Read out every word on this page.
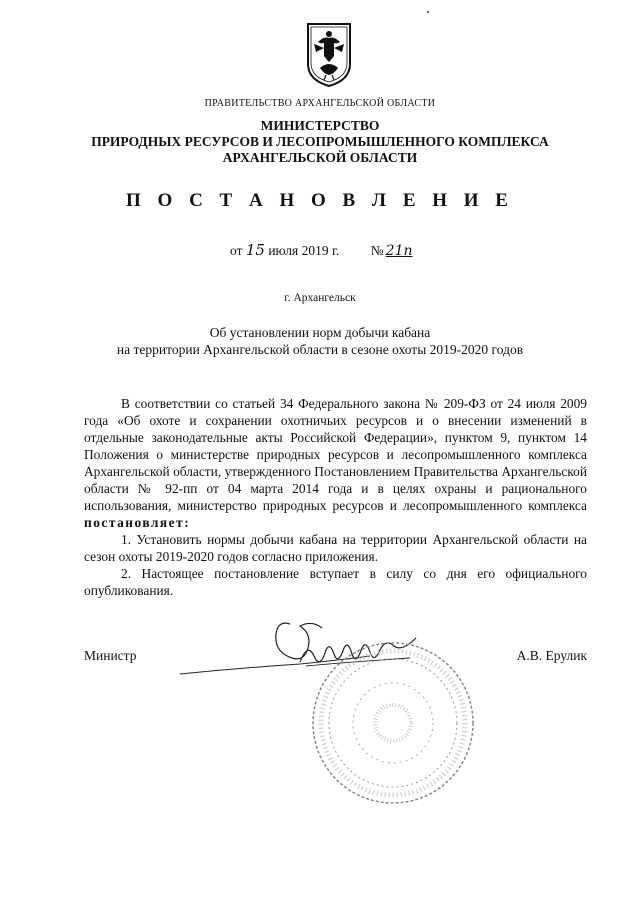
ПРАВИТЕЛЬСТВО АРХАНГЕЛЬСКОЙ ОБЛАСТИ
МИНИСТЕРСТВО
ПРИРОДНЫХ РЕСУРСОВ И ЛЕСОПРОМЫШЛЕННОГО КОМПЛЕКСА
АРХАНГЕЛЬСКОЙ ОБЛАСТИ
П О С Т А Н О В Л Е Н И Е
от 15 июля 2019 г. № 21п
г. Архангельск
Об установлении норм добычи кабана
на территории Архангельской области в сезоне охоты 2019-2020 годов

В соответствии со статьей 34 Федерального закона № 209-ФЗ от 24 июля 2009 года «Об охоте и сохранении охотничьих ресурсов и о внесении изменений в отдельные законодательные акты Российской Федерации», пунктом 9, пунктом 14 Положения о министерстве природных ресурсов и лесопромышленного комплекса Архангельской области, утвержденного Постановлением Правительства Архангельской области № 92-пп от 04 марта 2014 года и в целях охраны и рационального использования, министерство природных ресурсов и лесопромышленного комплекса постановляет:

1. Установить нормы добычи кабана на территории Архангельской области на сезон охоты 2019-2020 годов согласно приложения.

2. Настоящее постановление вступает в силу со дня его официального опубликования.

Министр	А.В. Ерулик
